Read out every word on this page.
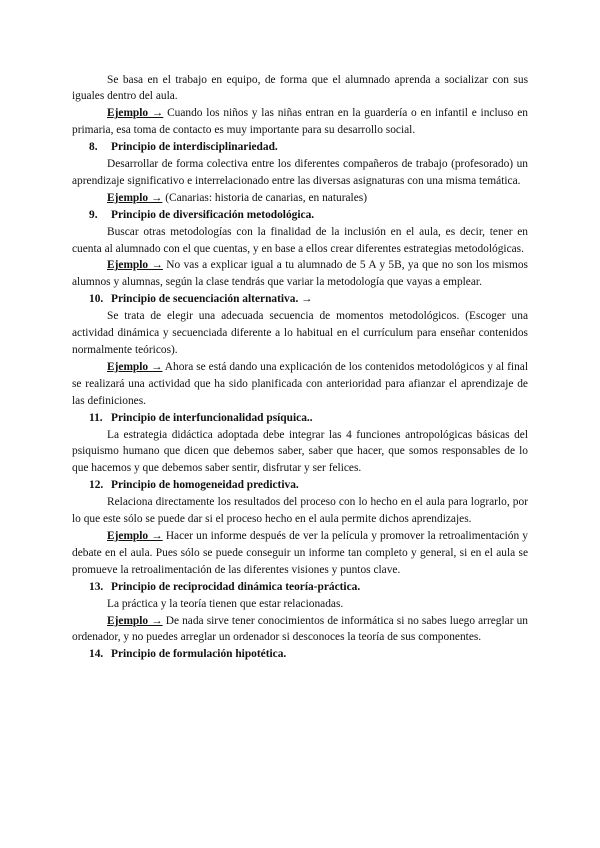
Se basa en el trabajo en equipo, de forma que el alumnado aprenda a socializar con sus iguales dentro del aula.

Ejemplo → Cuando los niños y las niñas entran en la guardería o en infantil e incluso en primaria, esa toma de contacto es muy importante para su desarrollo social.

8. Principio de interdisciplinariedad.

Desarrollar de forma colectiva entre los diferentes compañeros de trabajo (profesorado) un aprendizaje significativo e interrelacionado entre las diversas asignaturas con una misma temática.

Ejemplo → (Canarias: historia de canarias, en naturales)

9. Principio de diversificación metodológica.

Buscar otras metodologías con la finalidad de la inclusión en el aula, es decir, tener en cuenta al alumnado con el que cuentas, y en base a ellos crear diferentes estrategias metodológicas.

Ejemplo → No vas a explicar igual a tu alumnado de 5 A y 5B, ya que no son los mismos alumnos y alumnas, según la clase tendrás que variar la metodología que vayas a emplear.

10. Principio de secuenciación alternativa. →

Se trata de elegir una adecuada secuencia de momentos metodológicos. (Escoger una actividad dinámica y secuenciada diferente a lo habitual en el currículum para enseñar contenidos normalmente teóricos).

Ejemplo → Ahora se está dando una explicación de los contenidos metodológicos y al final se realizará una actividad que ha sido planificada con anterioridad para afianzar el aprendizaje de las definiciones.

11. Principio de interfuncionalidad psíquica..

La estrategia didáctica adoptada debe integrar las 4 funciones antropológicas básicas del psiquismo humano que dicen que debemos saber, saber que hacer, que somos responsables de lo que hacemos y que debemos saber sentir, disfrutar y ser felices.

12. Principio de homogeneidad predictiva.

Relaciona directamente los resultados del proceso con lo hecho en el aula para lograrlo, por lo que este sólo se puede dar si el proceso hecho en el aula permite dichos aprendizajes.

Ejemplo → Hacer un informe después de ver la película y promover la retroalimentación y debate en el aula. Pues sólo se puede conseguir un informe tan completo y general, si en el aula se promueve la retroalimentación de las diferentes visiones y puntos clave.

13. Principio de reciprocidad dinámica teoría-práctica.

La práctica y la teoría tienen que estar relacionadas.

Ejemplo → De nada sirve tener conocimientos de informática si no sabes luego arreglar un ordenador, y no puedes arreglar un ordenador si desconoces la teoría de sus componentes.

14. Principio de formulación hipotética.
